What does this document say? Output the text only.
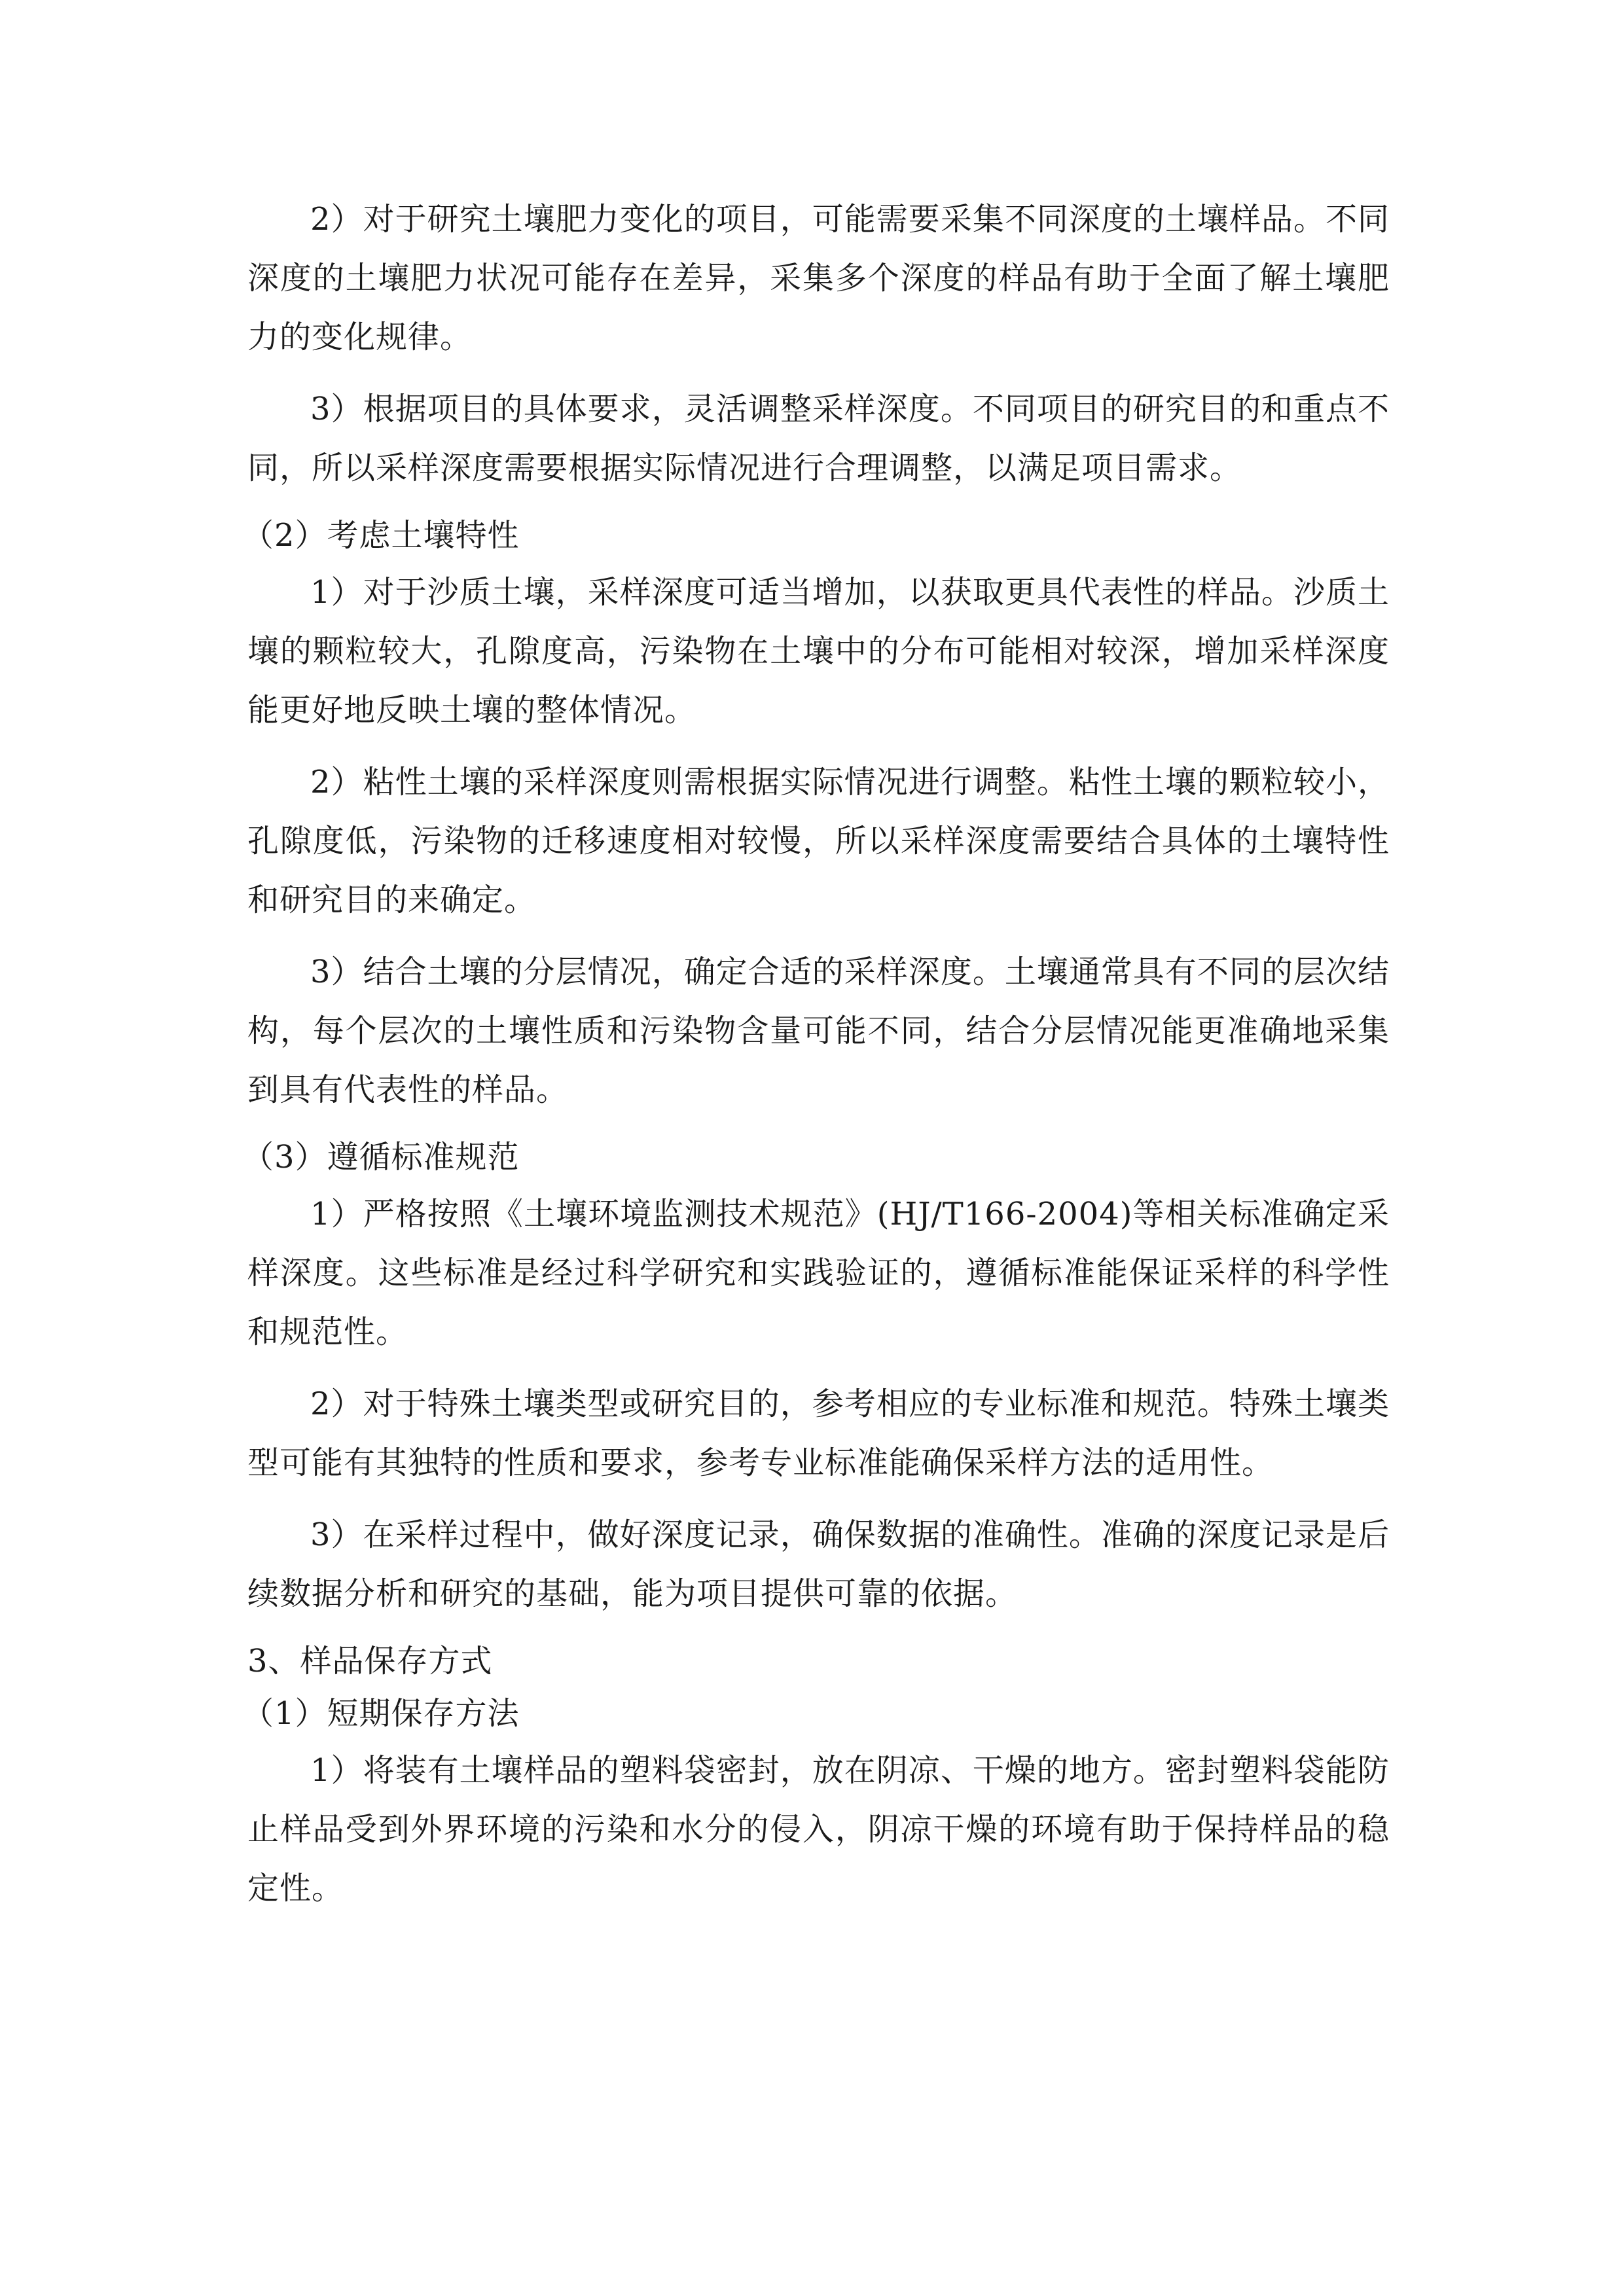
2）对于研究土壤肥力变化的项目，可能需要采集不同深度的土壤样品。不同深度的土壤肥力状况可能存在差异，采集多个深度的样品有助于全面了解土壤肥力的变化规律。

3）根据项目的具体要求，灵活调整采样深度。不同项目的研究目的和重点不同，所以采样深度需要根据实际情况进行合理调整，以满足项目需求。

（2）考虑土壤特性

1）对于沙质土壤，采样深度可适当增加，以获取更具代表性的样品。沙质土壤的颗粒较大，孔隙度高，污染物在土壤中的分布可能相对较深，增加采样深度能更好地反映土壤的整体情况。

2）粘性土壤的采样深度则需根据实际情况进行调整。粘性土壤的颗粒较小，孔隙度低，污染物的迁移速度相对较慢，所以采样深度需要结合具体的土壤特性和研究目的来确定。

3）结合土壤的分层情况，确定合适的采样深度。土壤通常具有不同的层次结构，每个层次的土壤性质和污染物含量可能不同，结合分层情况能更准确地采集到具有代表性的样品。

（3）遵循标准规范

1）严格按照《土壤环境监测技术规范》(HJ/T166-2004)等相关标准确定采样深度。这些标准是经过科学研究和实践验证的，遵循标准能保证采样的科学性和规范性。

2）对于特殊土壤类型或研究目的，参考相应的专业标准和规范。特殊土壤类型可能有其独特的性质和要求，参考专业标准能确保采样方法的适用性。

3）在采样过程中，做好深度记录，确保数据的准确性。准确的深度记录是后续数据分析和研究的基础，能为项目提供可靠的依据。

3、样品保存方式

（1）短期保存方法

1）将装有土壤样品的塑料袋密封，放在阴凉、干燥的地方。密封塑料袋能防止样品受到外界环境的污染和水分的侵入，阴凉干燥的环境有助于保持样品的稳定性。
